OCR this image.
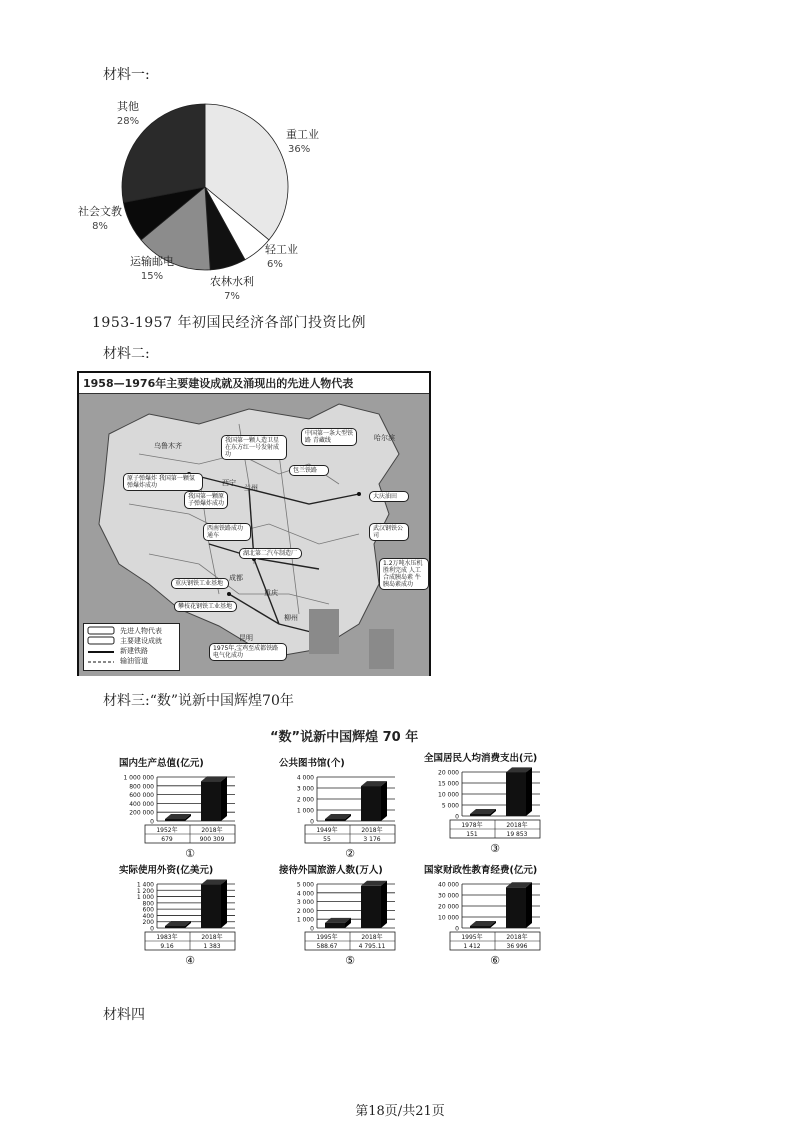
材料一:
重工业
36%
轻工业
6%
农林水利
7%
运输邮电
15%
社会文教
8%
其他
28%
1953-1957 年初国民经济各部门投资比例
材料二:
1958—1976年主要建设成就及涌现出的先进人物代表
乌鲁木齐
哈尔滨
成都
昆明
兰州
西宁
重庆
柳州
我国第一颗人造卫星 在东方红一号发射成功
中国第一条大型铁路 青藏线
包兰铁路
原子弹爆炸 我国第一颗氢弹爆炸成功
我国第一颗原子弹爆炸成功
西南铁路成功通车
湖北第二汽车制造厂
重庆钢铁工业基地
攀枝花钢铁工业基地
1975年,宝鸡至成都铁路电气化成功
大庆油田
武汉钢铁公司
1.2万吨水压机 胜利完成 人工合成胰岛素 牛胰岛素成功
先进人物代表
主要建设成就
新建铁路
输油管道
材料三:“数”说新中国辉煌70年
“数”说新中国辉煌 70 年
国内生产总值(亿元)
1 000 000
800 000
600 000
400 000
200 000
0
1952年
679
2018年
900 309
①
公共图书馆(个)
4 000
3 000
2 000
1 000
0
1949年
55
2018年
3 176
②
全国居民人均消费支出(元)
20 000
15 000
10 000
5 000
0
1978年
151
2018年
19 853
③
实际使用外资(亿美元)
1 400
1 200
1 000
800
600
400
200
0
1983年
9.16
2018年
1 383
④
接待外国旅游人数(万人)
5 000
4 000
3 000
2 000
1 000
0
1995年
588.67
2018年
4 795.11
⑤
国家财政性教育经费(亿元)
40 000
30 000
20 000
10 000
0
1995年
1 412
2018年
36 996
⑥
材料四
第18页/共21页
